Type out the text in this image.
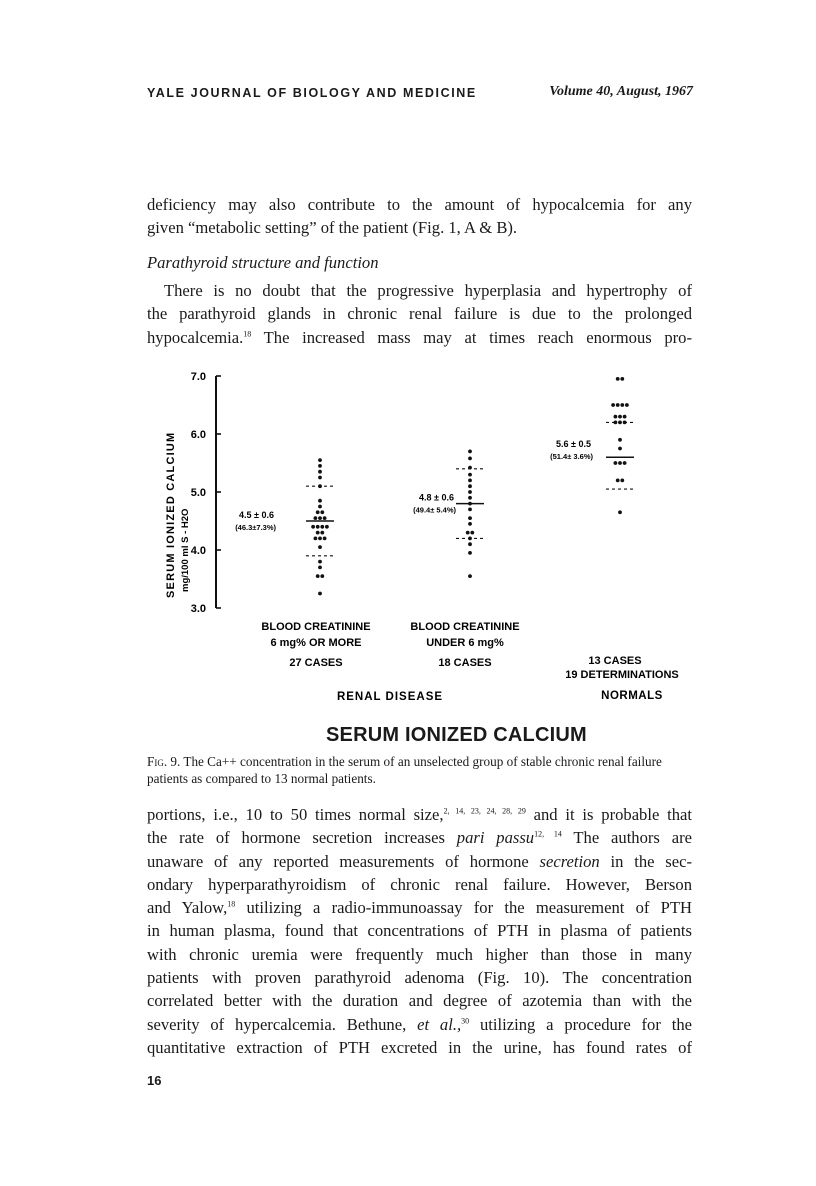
YALE JOURNAL OF BIOLOGY AND MEDICINE	Volume 40, August, 1967

deficiency may also contribute to the amount of hypocalcemia for any
given “metabolic setting” of the patient (Fig. 1, A & B).

Parathyroid structure and function

There is no doubt that the progressive hyperplasia and hypertrophy of
the parathyroid glands in chronic renal failure is due to the prolonged
hypocalcemia.$^{18}$ The increased mass may at times reach enormous pro-

3.0
4.0
5.0
6.0
7.0
4.5 ± 0.6
(46.3±7.3%)
4.8 ± 0.6
(49.4± 5.4%)
5.6 ± 0.5
(51.4± 3.6%)
SERUM IONIZED CALCIUM mg/100 ml S - H2O
BLOOD CREATININE
6 mg% OR MORE
27 CASES
BLOOD CREATININE
UNDER 6 mg%
18 CASES	13 CASES
19 DETERMINATIONS
RENAL DISEASE	NORMALS
SERUM IONIZED CALCIUM

Fig. 9. The Ca++ concentration in the serum of an unselected group of stable chronic renal failure patients as compared to 13 normal patients.

portions, i.e., 10 to 50 times normal size,$^{2, 14, 23, 24, 28, 29}$ and it is probable that
the rate of hormone secretion increases pari passu$^{12, 14}$ The authors are
unaware of any reported measurements of hormone secretion in the sec-
ondary hyperparathyroidism of chronic renal failure. However, Berson
and Yalow,$^{18}$ utilizing a radio-immunoassay for the measurement of PTH
in human plasma, found that concentrations of PTH in plasma of patients
with chronic uremia were frequently much higher than those in many
patients with proven parathyroid adenoma (Fig. 10). The concentration
correlated better with the duration and degree of azotemia than with the
severity of hypercalcemia. Bethune, et al.,$^{30}$ utilizing a procedure for the
quantitative extraction of PTH excreted in the urine, has found rates of

16
